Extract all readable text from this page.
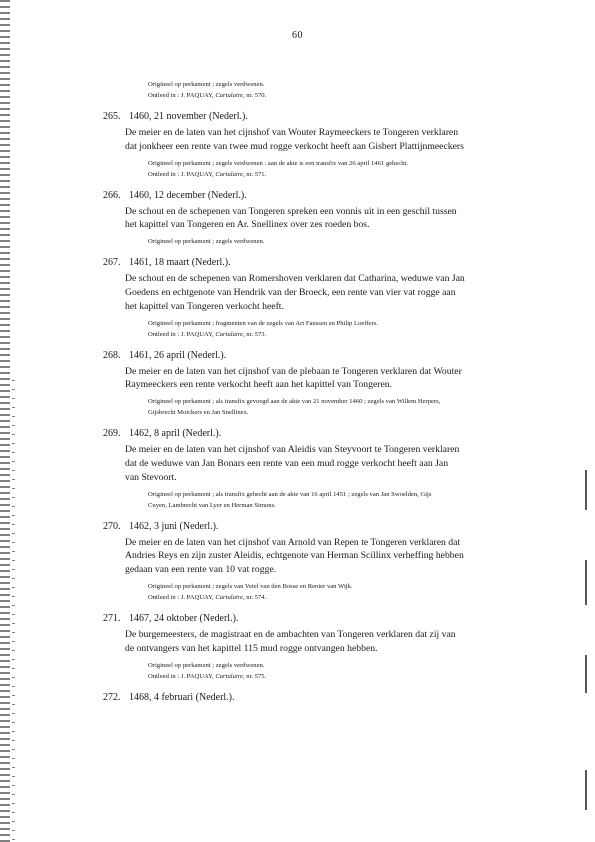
60
Origineel op perkament ; zegels verdwenen.
Ontleed in : J. PAQUAY, Cartulaire, nr. 570.
265. 1460, 21 november (Nederl.).
De meier en de laten van het cijnshof van Wouter Raymeeckers te Tongeren verklaren
dat jonkheer een rente van twee mud rogge verkocht heeft aan Gisbert Plattijnmeeckers
Origineel op perkament ; zegels verdwenen : aan de akte is een transfix van 26 april 1461 gehecht.
Ontleed in : J. PAQUAY, Cartulaire, nr. 571.
266. 1460, 12 december (Nederl.).
De schout en de schepenen van Tongeren spreken een vonnis uit in een geschil tussen
het kapittel van Tongeren en Ar. Snellinex over zes roeden bos.
Origineel op perkament ; zegels verdwenen.
267. 1461, 18 maart (Nederl.).
De schout en de schepenen van Romershoven verklaren dat Catharina, weduwe van Jan
Goedens en echtgenote van Hendrik van der Broeck, een rente van vier vat rogge aan
het kapittel van Tongeren verkocht heeft.
Origineel op perkament ; fragmenten van de zegels van Art Fanssen en Philip Loeffers.
Ontleed in : J. PAQUAY, Cartulaire, nr. 573.
268. 1461, 26 april (Nederl.).
De meier en de laten van het cijnshof van de plebaan te Tongeren verklaren dat Wouter
Raymeeckers een rente verkocht heeft aan het kapittel van Tongeren.
Origineel op perkament ; als transfix gevoegd aan de akte van 21 november 1460 ; zegels van Willem Herpers,
Gijsbrecht Moickers en Jan Snellinex.
269. 1462, 8 april (Nederl.).
De meier en de laten van het cijnshof van Aleidis van Steyvoort te Tongeren verklaren
dat de weduwe van Jan Bonars een rente van een mud rogge verkocht heeft aan Jan
van Stevoort.
Origineel op perkament ; als transfix gehecht aan de akte van 16 april 1451 ; zegels van Jan Swoelden, Gijs
Cuyen, Lambrecht van Lyer en Herman Simons.
270. 1462, 3 juni (Nederl.).
De meier en de laten van het cijnshof van Arnold van Repen te Tongeren verklaren dat
Andries Reys en zijn zuster Aleidis, echtgenote van Herman Scillinx verheffing hebben
gedaan van een rente van 10 vat rogge.
Origineel op perkament ; zegels van Vetel van den Bosse en Renier van Wijk.
Ontleed in : J. PAQUAY, Cartulaire, nr. 574.
271. 1467, 24 oktober (Nederl.).
De burgemeesters, de magistraat en de ambachten van Tongeren verklaren dat zij van
de ontvangers van het kapittel 115 mud rogge ontvangen hebben.
Origineel op perkament ; zegels verdwenen.
Ontleed in : J. PAQUAY, Cartulaire, nr. 575.
272. 1468, 4 februari (Nederl.).
